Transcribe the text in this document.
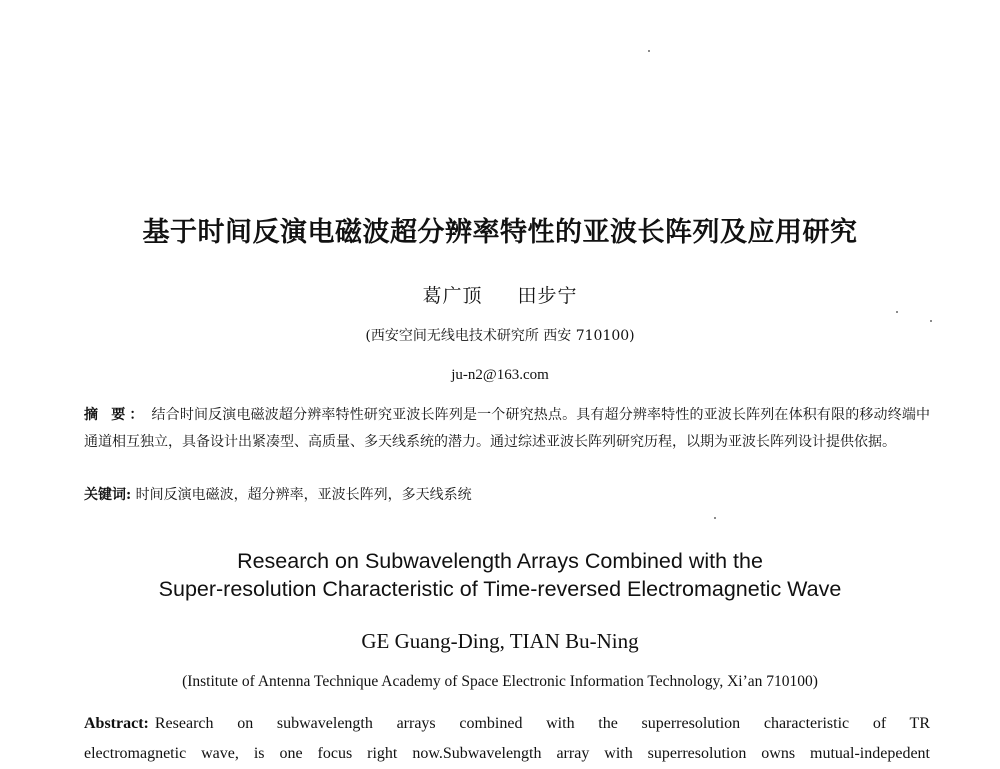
基于时间反演电磁波超分辨率特性的亚波长阵列及应用研究
葛广顶 田步宁
(西安空间无线电技术研究所 西安 710100)
ju-n2@163.com
摘 要： 结合时间反演电磁波超分辨率特性研究亚波长阵列是一个研究热点。具有超分辨率特性的亚波长阵列在体积有限的移动终端中通道相互独立，具备设计出紧凑型、高质量、多天线系统的潜力。通过综述亚波长阵列研究历程，以期为亚波长阵列设计提供依据。
关键词: 时间反演电磁波，超分辨率，亚波长阵列，多天线系统
Research on Subwavelength Arrays Combined with the
Super-resolution Characteristic of Time-reversed Electromagnetic Wave
GE Guang-Ding, TIAN Bu-Ning
(Institute of Antenna Technique Academy of Space Electronic Information Technology, Xi’an 710100)
Abstract: Research on subwavelength arrays combined with the superresolution characteristic of TR
electromagnetic wave, is one focus right now.Subwavelength array with superresolution owns mutual-indepedent
